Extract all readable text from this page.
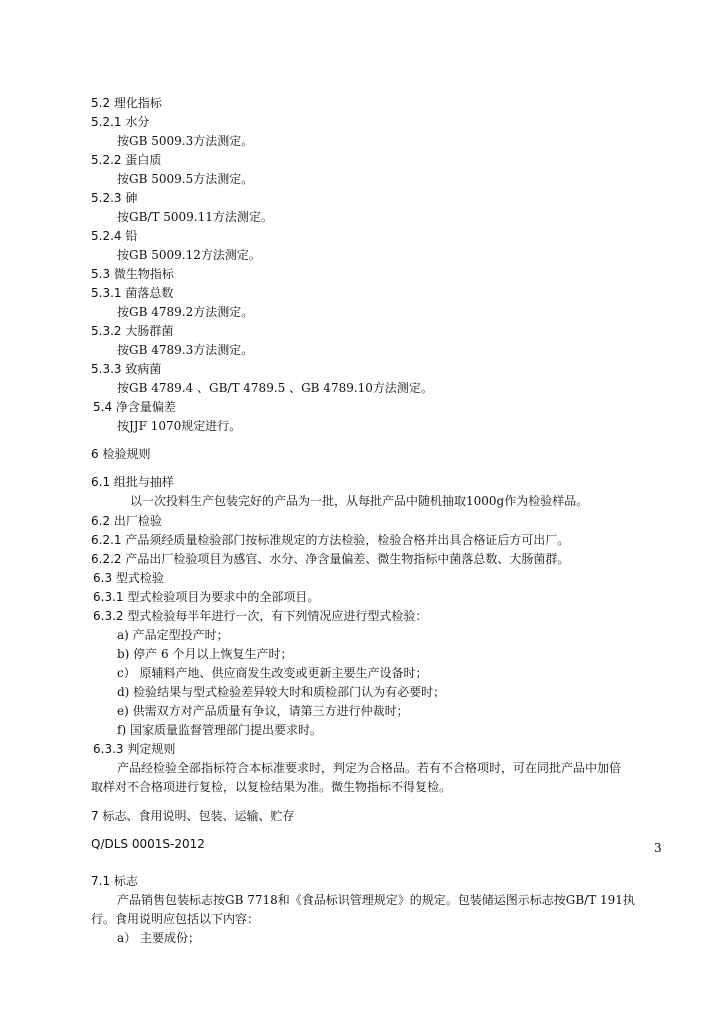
5.2 理化指标
5.2.1 水分
按GB 5009.3方法测定。
5.2.2 蛋白质
按GB 5009.5方法测定。
5.2.3 砷
按GB/T 5009.11方法测定。
5.2.4 铅
按GB 5009.12方法测定。
5.3 微生物指标
5.3.1 菌落总数
按GB 4789.2方法测定。
5.3.2 大肠群菌
按GB 4789.3方法测定。
5.3.3 致病菌
按GB 4789.4 、GB/T 4789.5 、GB 4789.10方法测定。
5.4 净含量偏差
按JJF 1070规定进行。
6 检验规则
6.1 组批与抽样
以一次投料生产包装完好的产品为一批，从每批产品中随机抽取1000g作为检验样品。
6.2 出厂检验
6.2.1 产品须经质量检验部门按标准规定的方法检验，检验合格并出具合格证后方可出厂。
6.2.2 产品出厂检验项目为感官、水分、净含量偏差、微生物指标中菌落总数、大肠菌群。
6.3 型式检验
6.3.1 型式检验项目为要求中的全部项目。
6.3.2 型式检验每半年进行一次，有下列情况应进行型式检验：
a) 产品定型投产时；
b) 停产 6 个月以上恢复生产时；
c） 原辅料产地、供应商发生改变或更新主要生产设备时；
d) 检验结果与型式检验差异较大时和质检部门认为有必要时；
e) 供需双方对产品质量有争议，请第三方进行仲裁时；
f) 国家质量监督管理部门提出要求时。
6.3.3 判定规则
产品经检验全部指标符合本标准要求时，判定为合格品。若有不合格项时，可在同批产品中加倍
取样对不合格项进行复检，以复检结果为准。微生物指标不得复检。
7 标志、食用说明、包装、运输、贮存
Q/DLS 0001S-2012	3
7.1 标志
产品销售包装标志按GB 7718和《食品标识管理规定》的规定。包装储运图示标志按GB/T 191执
行。食用说明应包括以下内容：
a） 主要成份；
